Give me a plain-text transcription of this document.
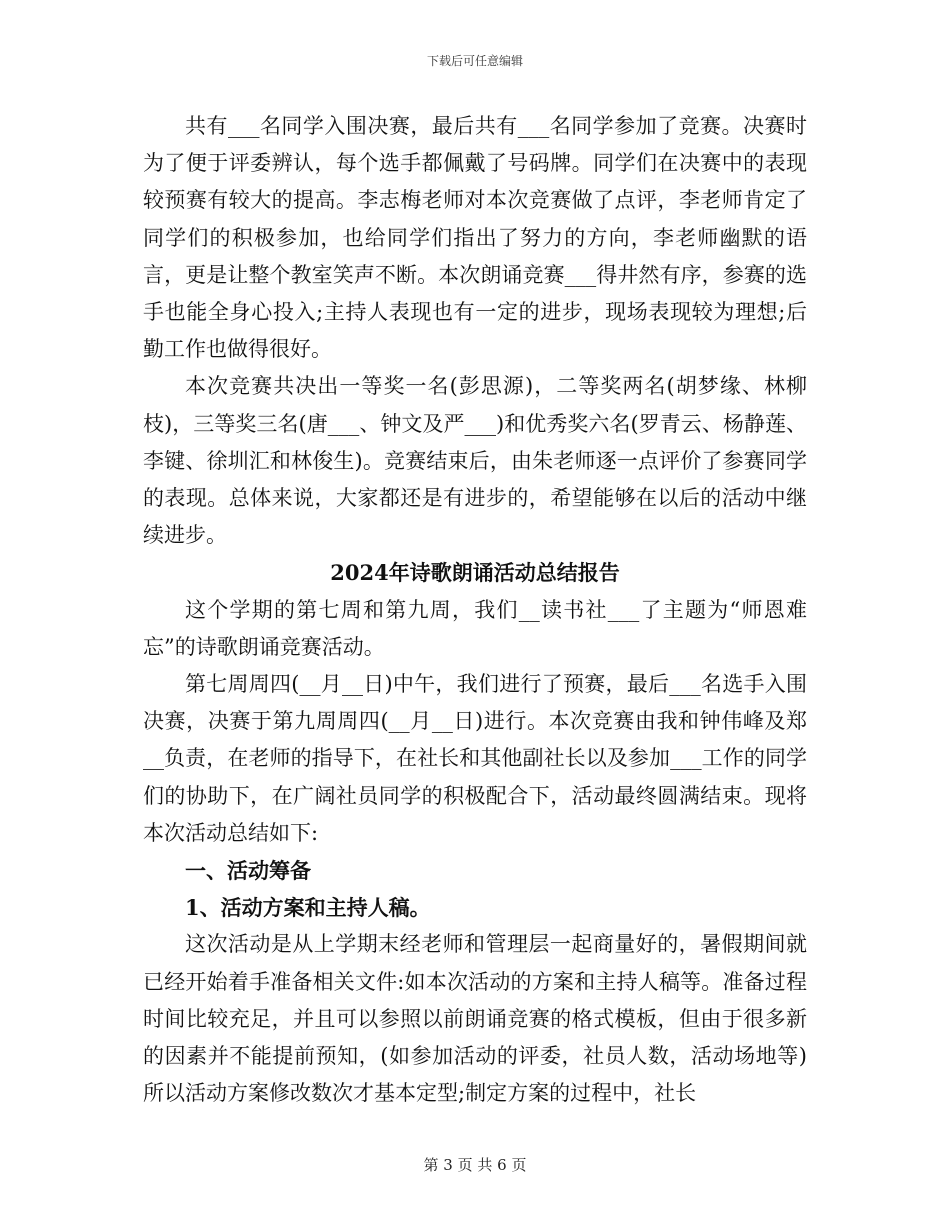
下载后可任意编辑

共有___名同学入围决赛，最后共有___名同学参加了竞赛。决赛时为了便于评委辨认，每个选手都佩戴了号码牌。同学们在决赛中的表现较预赛有较大的提高。李志梅老师对本次竞赛做了点评，李老师肯定了同学们的积极参加，也给同学们指出了努力的方向，李老师幽默的语言，更是让整个教室笑声不断。本次朗诵竞赛___得井然有序，参赛的选手也能全身心投入;主持人表现也有一定的进步，现场表现较为理想;后勤工作也做得很好。

本次竞赛共决出一等奖一名(彭思源)，二等奖两名(胡梦缘、林柳枝)，三等奖三名(唐___、钟文及严___)和优秀奖六名(罗青云、杨静莲、李键、徐圳汇和林俊生)。竞赛结束后，由朱老师逐一点评价了参赛同学的表现。总体来说，大家都还是有进步的，希望能够在以后的活动中继续进步。

2024年诗歌朗诵活动总结报告

这个学期的第七周和第九周，我们__读书社___了主题为“师恩难忘”的诗歌朗诵竞赛活动。

第七周周四(__月__日)中午，我们进行了预赛，最后___名选手入围决赛，决赛于第九周周四(__月__日)进行。本次竞赛由我和钟伟峰及郑__负责，在老师的指导下，在社长和其他副社长以及参加___工作的同学们的协助下，在广阔社员同学的积极配合下，活动最终圆满结束。现将本次活动总结如下:

一、活动筹备

1、活动方案和主持人稿。

这次活动是从上学期末经老师和管理层一起商量好的，暑假期间就已经开始着手准备相关文件:如本次活动的方案和主持人稿等。准备过程时间比较充足，并且可以参照以前朗诵竞赛的格式模板，但由于很多新的因素并不能提前预知，(如参加活动的评委，社员人数，活动场地等)所以活动方案修改数次才基本定型;制定方案的过程中，社长

第 3 页 共 6 页
